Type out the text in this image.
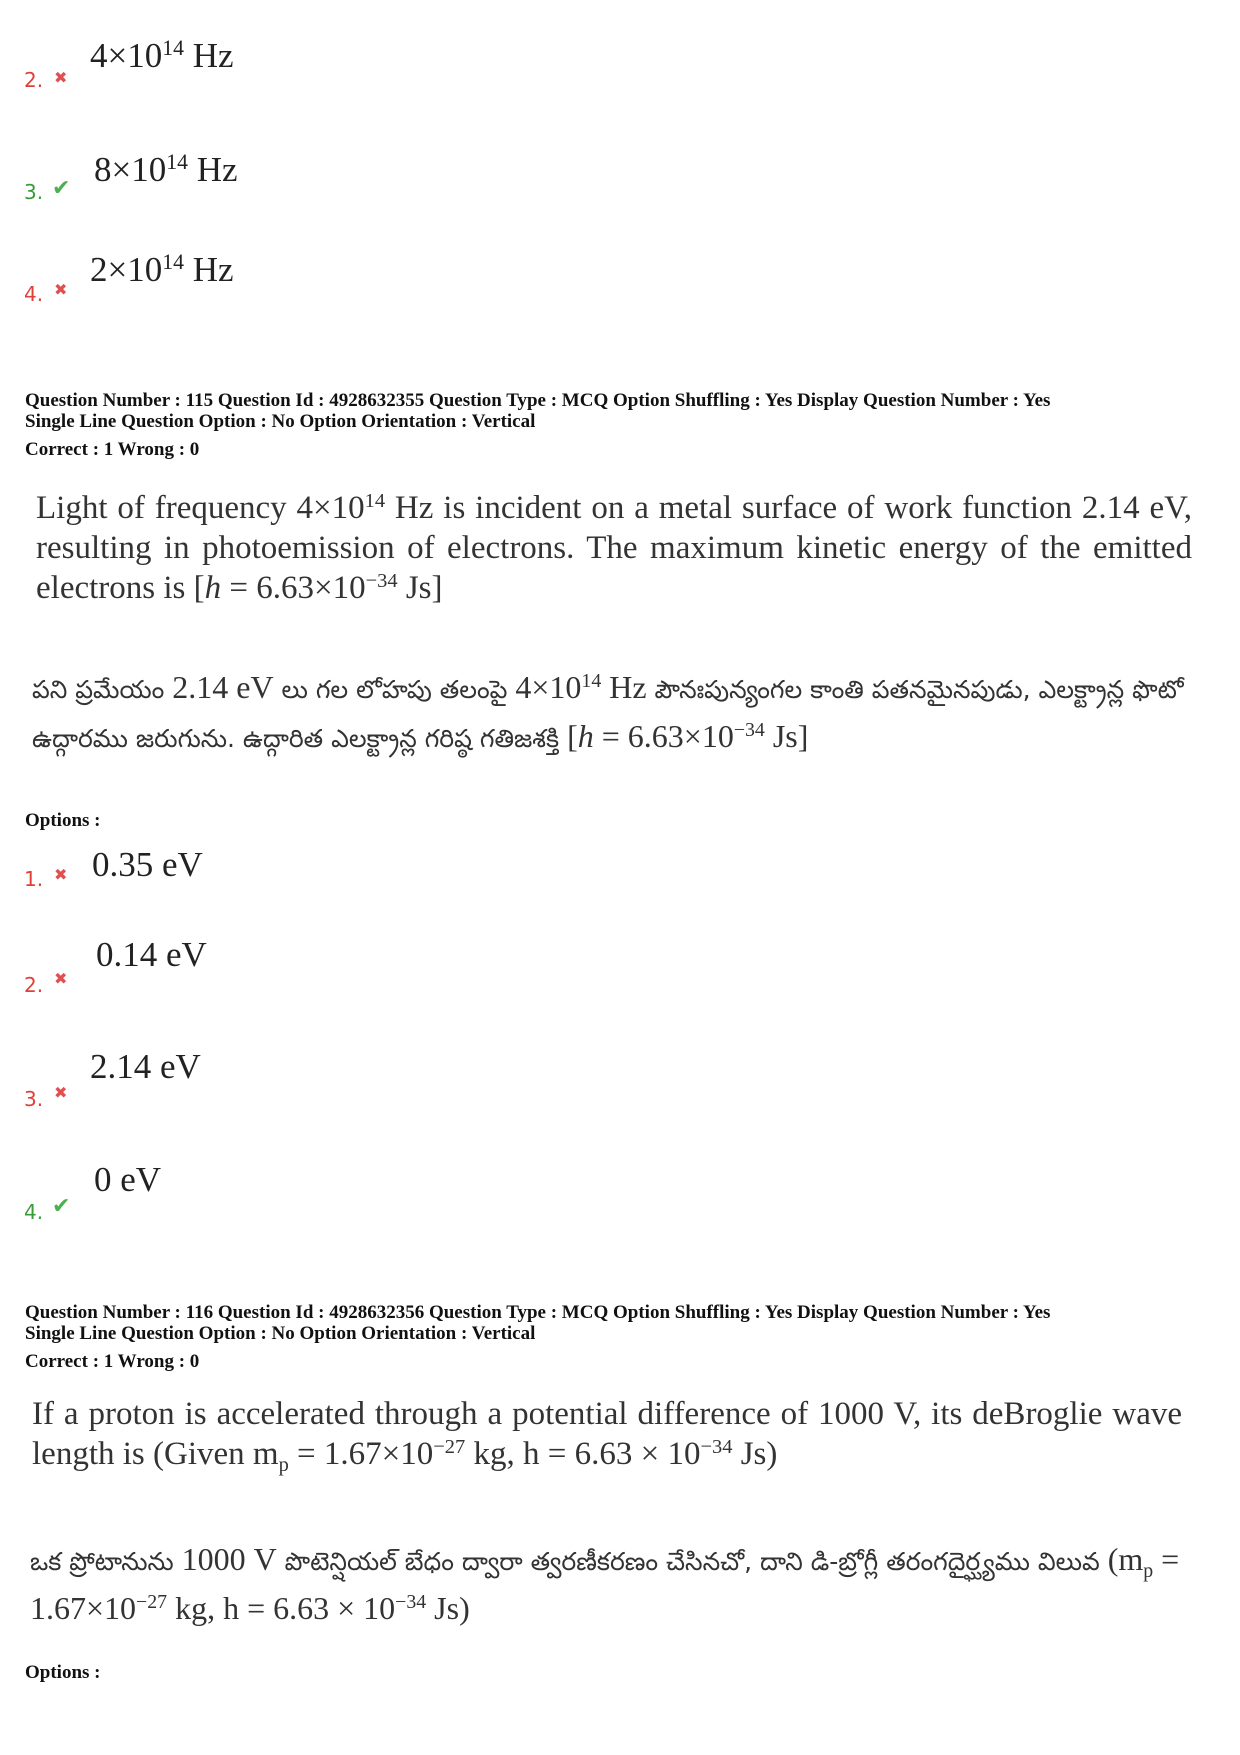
2. ✖
$4\times 10^{14}$ Hz
3. ✔ $8\times 10^{14}$ Hz
4. ✖
$2\times 10^{14}$ Hz
Question Number : 115 Question Id : 4928632355 Question Type : MCQ Option Shuffling : Yes Display Question Number : Yes
Single Line Question Option : No Option Orientation : Vertical
Correct : 1 Wrong : 0
Light of frequency $4\times 10^{14}$ Hz is incident on a metal surface of work function 2.14 eV, resulting in photoemission of electrons. The maximum kinetic energy of the emitted electrons is [$h = 6.63\times 10^{-34}$ Js]
పని ప్రమేయం 2.14 eV లు గల లోహపు తలంపై $4\times 10^{14}$ Hz పౌనఃపున్యంగల కాంతి పతనమైనపుడు, ఎలక్ట్రాన్ల ఫొటో ఉద్గారము జరుగును. ఉద్గారిత ఎలక్ట్రాన్ల గరిష్ఠ గతిజశక్తి [$h = 6.63\times 10^{-34}$ Js]
Options :
1. ✖ 0.35 eV
2. ✖
0.14 eV
3. ✖
2.14 eV
4. ✔
0 eV
Question Number : 116 Question Id : 4928632356 Question Type : MCQ Option Shuffling : Yes Display Question Number : Yes
Single Line Question Option : No Option Orientation : Vertical
Correct : 1 Wrong : 0
If a proton is accelerated through a potential difference of 1000 V, its deBroglie wave length is (Given $m_p = 1.67\times 10^{-27}$ kg, $h = 6.63 \times 10^{-34}$ Js)
ఒక ప్రోటానును 1000 V పొటెన్షియల్ బేధం ద్వారా త్వరణీకరణం చేసినచో, దాని డి-బ్రోగ్లీ తరంగదైర్ఘ్యము విలువ ($m_p = 1.67\times 10^{-27}$ kg, $h = 6.63 \times 10^{-34}$ Js)
Options :
